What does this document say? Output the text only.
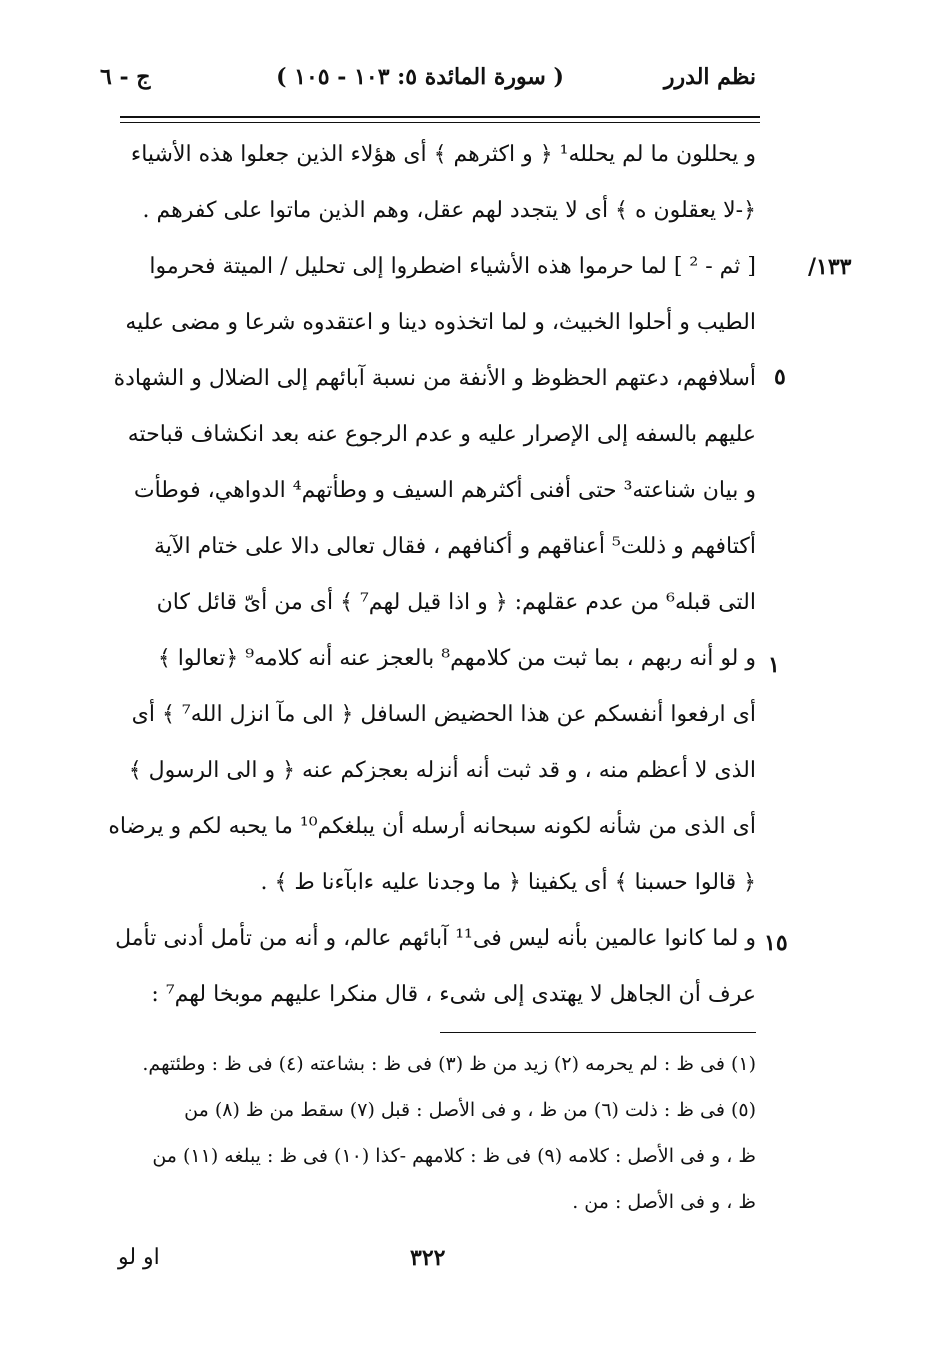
نظم الدرر
( سورة المائدة ٥: ١٠٣ - ١٠٥ )
ج - ٦
/١٣٣
٥
١
١٥
و يحللون ما لم يحلله¹ ﴿ و اكثرهم ﴾ أى هؤلاء الذين جعلوا هذه الأشياء
﴿-لا يعقلون ه ﴾ أى لا يتجدد لهم عقل، وهم الذين ماتوا على كفرهم .
[ ثم - ² ] لما حرموا هذه الأشياء اضطروا إلى تحليل / الميتة فحرموا
الطيب و أحلوا الخبيث، و لما اتخذوه دينا و اعتقدوه شرعا و مضى عليه
أسلافهم، دعتهم الحظوظ و الأنفة من نسبة آبائهم إلى الضلال و الشهادة
عليهم بالسفه إلى الإصرار عليه و عدم الرجوع عنه بعد انكشاف قباحته
و بيان شناعته³ حتى أفنى أكثرهم السيف و وطأتهم⁴ الدواهي، فوطأت
أكتافهم و ذللت⁵ أعناقهم و أكنافهم ، فقال تعالى دالا على ختام الآية
التى قبله⁶ من عدم عقلهم: ﴿ و اذا قيل لهم⁷ ﴾ أى من أىّ قائل كان
و لو أنه ربهم ، بما ثبت من كلامهم⁸ بالعجز عنه أنه كلامه⁹ ﴿تعالوا ﴾
أى ارفعوا أنفسكم عن هذا الحضيض السافل ﴿ الى مآ انزل الله⁷ ﴾ أى
الذى لا أعظم منه ، و قد ثبت أنه أنزله بعجزكم عنه ﴿ و الى الرسول ﴾
أى الذى من شأنه لكونه سبحانه أرسله أن يبلغكم¹⁰ ما يحبه لكم و يرضاه
﴿ قالوا حسبنا ﴾ أى يكفينا ﴿ ما وجدنا عليه ءابآءنا ط ﴾ .
و لما كانوا عالمين بأنه ليس فى¹¹ آبائهم عالم، و أنه من تأمل أدنى تأمل
عرف أن الجاهل لا يهتدى إلى شىء ، قال منكرا عليهم موبخا لهم⁷ :
(١) فى ظ : لم يحرمه (٢) زيد من ظ (٣) فى ظ : بشاعته (٤) فى ظ : وطئتهم.
(٥) فى ظ : ذلت (٦) من ظ ، و فى الأصل : قبل (٧) سقط من ظ (٨) من
ظ ، و فى الأصل : كلامه (٩) فى ظ : كلامهم -كذا (١٠) فى ظ : يبلغه (١١) من
ظ ، و فى الأصل : من .
٣٢٢
او لو
